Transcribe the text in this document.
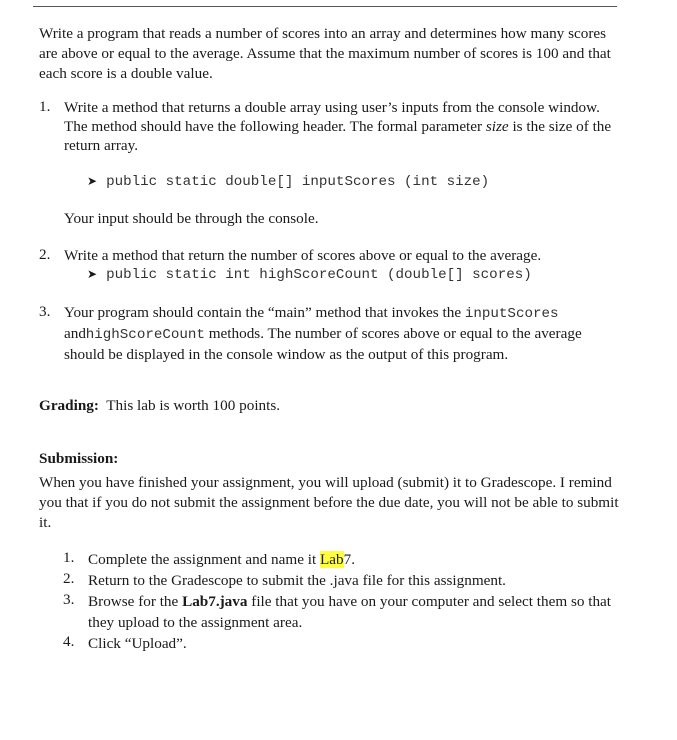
Write a program that reads a number of scores into an array and determines how many scores are above or equal to the average. Assume that the maximum number of scores is 100 and that each score is a double value.
1. Write a method that returns a double array using user’s inputs from the console window. The method should have the following header. The formal parameter size is the size of the return array.
➤ public static double[] inputScores (int size)
Your input should be through the console.
2. Write a method that return the number of scores above or equal to the average.
➤ public static int highScoreCount (double[] scores)
3. Your program should contain the “main” method that invokes the inputScores
and highScoreCount methods. The number of scores above or equal to the average should be displayed in the console window as the output of this program.
Grading: This lab is worth 100 points.
Submission:
When you have finished your assignment, you will upload (submit) it to Gradescope. I remind you that if you do not submit the assignment before the due date, you will not be able to submit it.
1. Complete the assignment and name it Lab7.
2. Return to the Gradescope to submit the .java file for this assignment.
3. Browse for the Lab7.java file that you have on your computer and select them so that they upload to the assignment area.
4. Click “Upload”.
